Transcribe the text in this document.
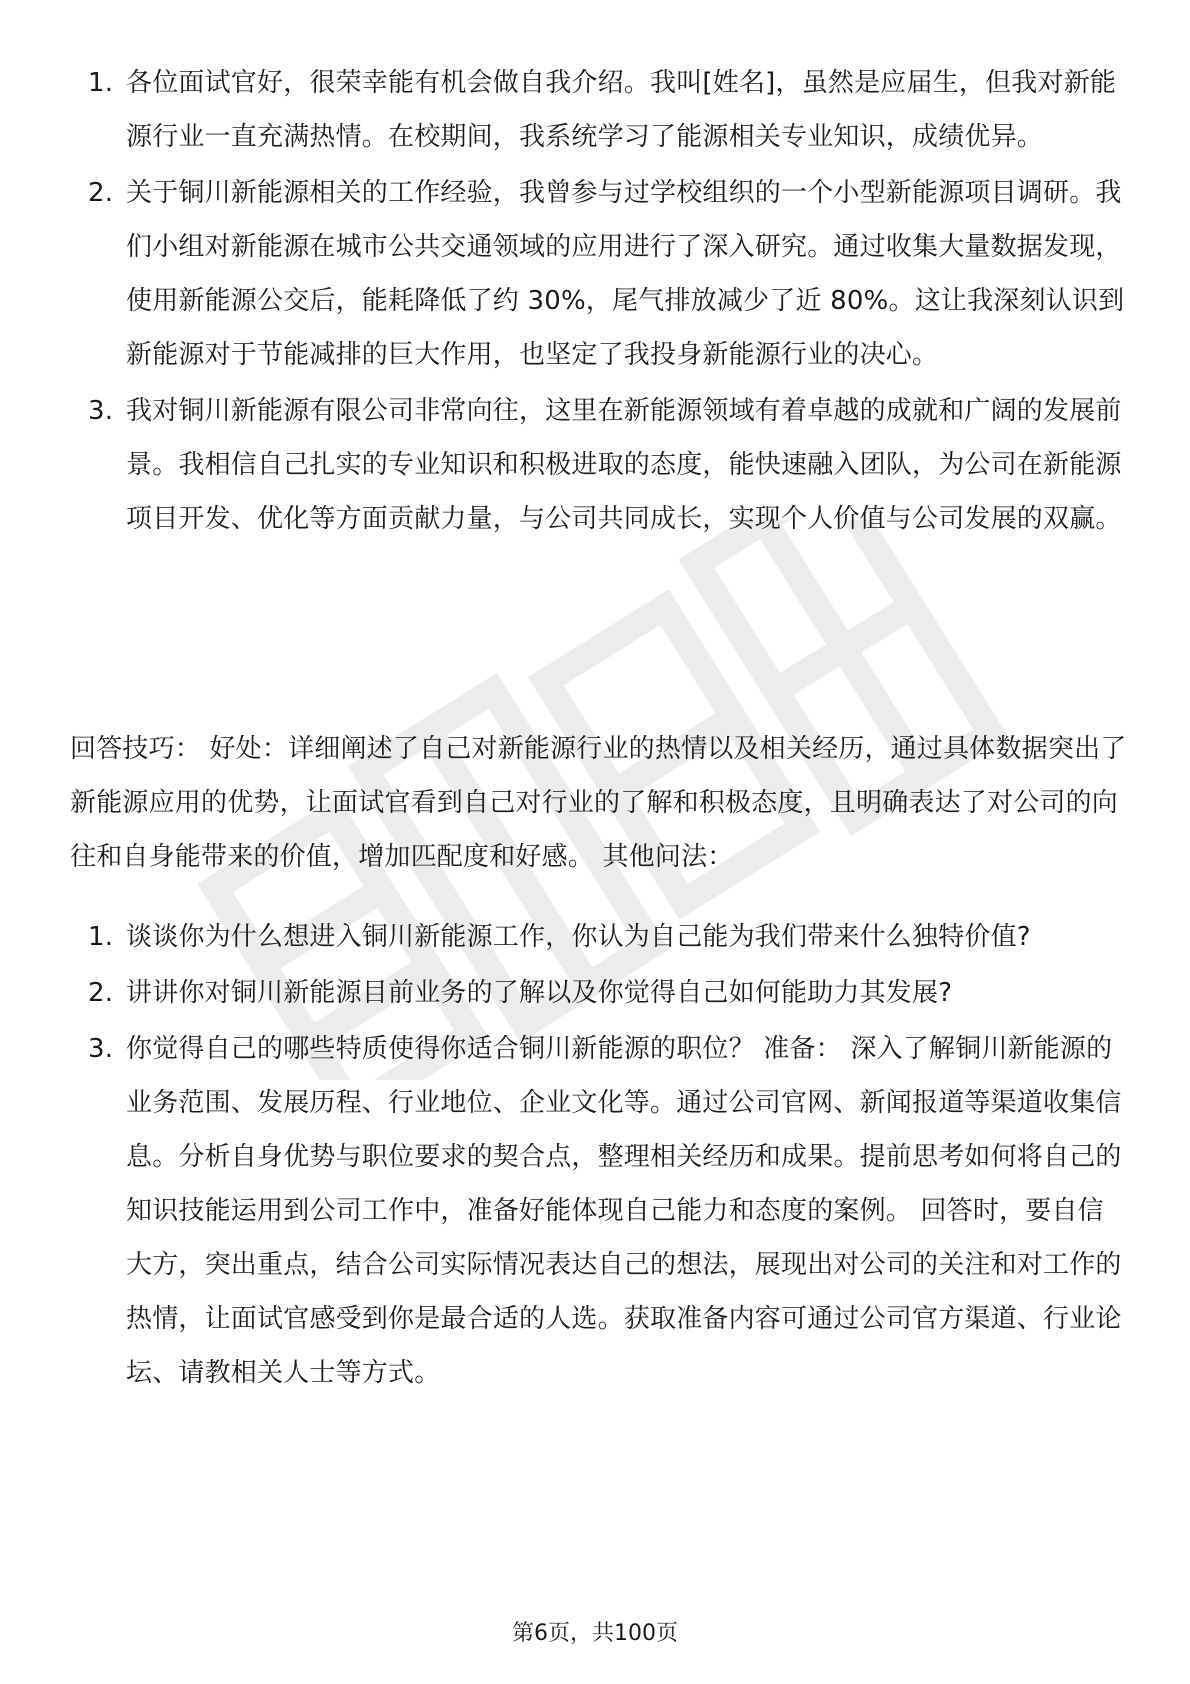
1. 各位面试官好，很荣幸能有机会做自我介绍。我叫[姓名]，虽然是应届生，但我对新能源行业一直充满热情。在校期间，我系统学习了能源相关专业知识，成绩优异。
2. 关于铜川新能源相关的工作经验，我曾参与过学校组织的一个小型新能源项目调研。我们小组对新能源在城市公共交通领域的应用进行了深入研究。通过收集大量数据发现，使用新能源公交后，能耗降低了约 30%，尾气排放减少了近 80%。这让我深刻认识到新能源对于节能减排的巨大作用，也坚定了我投身新能源行业的决心。
3. 我对铜川新能源有限公司非常向往，这里在新能源领域有着卓越的成就和广阔的发展前景。我相信自己扎实的专业知识和积极进取的态度，能快速融入团队，为公司在新能源项目开发、优化等方面贡献力量，与公司共同成长，实现个人价值与公司发展的双赢。

回答技巧： 好处：详细阐述了自己对新能源行业的热情以及相关经历，通过具体数据突出了新能源应用的优势，让面试官看到自己对行业的了解和积极态度，且明确表达了对公司的向往和自身能带来的价值，增加匹配度和好感。 其他问法：

1. 谈谈你为什么想进入铜川新能源工作，你认为自己能为我们带来什么独特价值?
2. 讲讲你对铜川新能源目前业务的了解以及你觉得自己如何能助力其发展?
3. 你觉得自己的哪些特质使得你适合铜川新能源的职位？ 准备： 深入了解铜川新能源的业务范围、发展历程、行业地位、企业文化等。通过公司官网、新闻报道等渠道收集信息。分析自身优势与职位要求的契合点，整理相关经历和成果。提前思考如何将自己的知识技能运用到公司工作中，准备好能体现自己能力和态度的案例。 回答时，要自信大方，突出重点，结合公司实际情况表达自己的想法，展现出对公司的关注和对工作的热情，让面试官感受到你是最合适的人选。获取准备内容可通过公司官方渠道、行业论坛、请教相关人士等方式。
第6页，共100页
